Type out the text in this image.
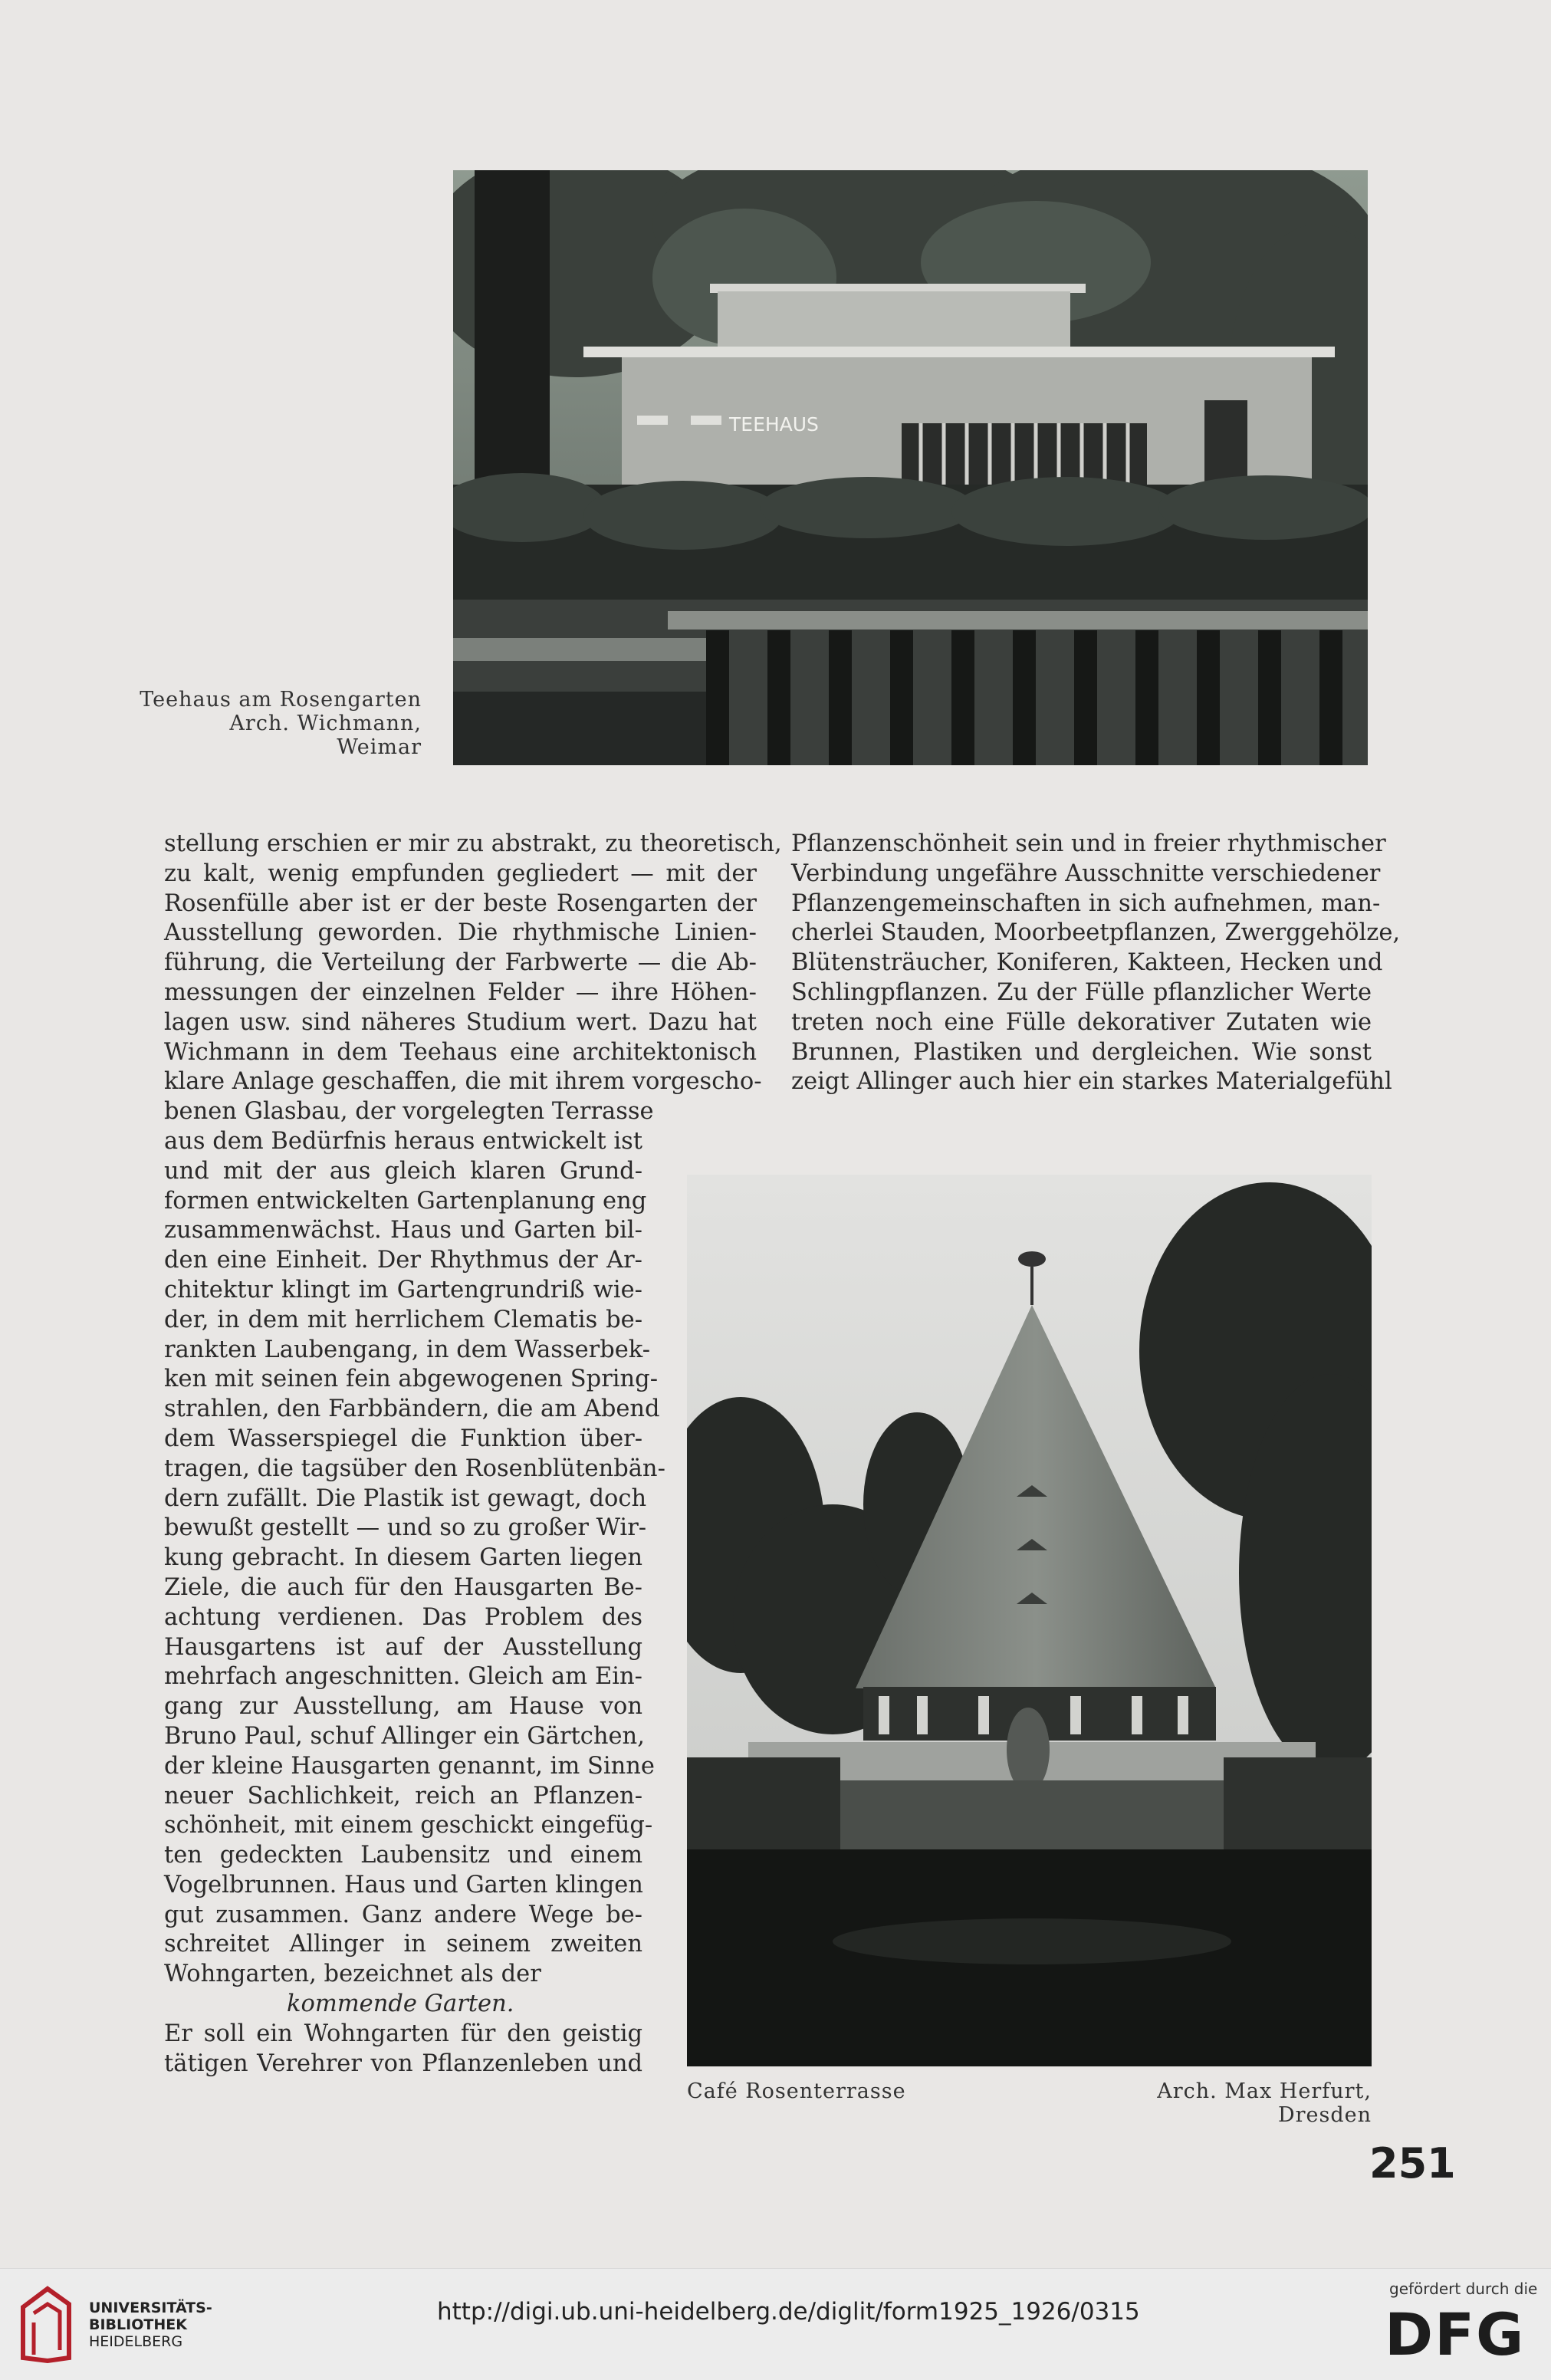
TEEHAUS
Teehaus am Rosengarten
Arch. Wichmann,
Weimar
stellung erschien er mir zu abstrakt, zu theoretisch,
zu kalt, wenig empfunden gegliedert — mit der
Rosenfülle aber ist er der beste Rosengarten der
Ausstellung geworden. Die rhythmische Linien-
führung, die Verteilung der Farbwerte — die Ab-
messungen der einzelnen Felder — ihre Höhen-
lagen usw. sind näheres Studium wert. Dazu hat
Wichmann in dem Teehaus eine architektonisch
klare Anlage geschaffen, die mit ihrem vorgescho-
benen Glasbau, der vorgelegten Terrasse
aus dem Bedürfnis heraus entwickelt ist
und mit der aus gleich klaren Grund-
formen entwickelten Gartenplanung eng
zusammenwächst. Haus und Garten bil-
den eine Einheit. Der Rhythmus der Ar-
chitektur klingt im Gartengrundriß wie-
der, in dem mit herrlichem Clematis be-
rankten Laubengang, in dem Wasserbek-
ken mit seinen fein abgewogenen Spring-
strahlen, den Farbbändern, die am Abend
dem Wasserspiegel die Funktion über-
tragen, die tagsüber den Rosenblütenbän-
dern zufällt. Die Plastik ist gewagt, doch
bewußt gestellt — und so zu großer Wir-
kung gebracht. In diesem Garten liegen
Ziele, die auch für den Hausgarten Be-
achtung verdienen. Das Problem des
Hausgartens ist auf der Ausstellung
mehrfach angeschnitten. Gleich am Ein-
gang zur Ausstellung, am Hause von
Bruno Paul, schuf Allinger ein Gärtchen,
der kleine Hausgarten genannt, im Sinne
neuer Sachlichkeit, reich an Pflanzen-
schönheit, mit einem geschickt eingefüg-
ten gedeckten Laubensitz und einem
Vogelbrunnen. Haus und Garten klingen
gut zusammen. Ganz andere Wege be-
schreitet Allinger in seinem zweiten
Wohngarten, bezeichnet als der
kommende Garten.
Er soll ein Wohngarten für den geistig
tätigen Verehrer von Pflanzenleben und
Pflanzenschönheit sein und in freier rhythmischer
Verbindung ungefähre Ausschnitte verschiedener
Pflanzengemeinschaften in sich aufnehmen, man-
cherlei Stauden, Moorbeetpflanzen, Zwerggehölze,
Blütensträucher, Koniferen, Kakteen, Hecken und
Schlingpflanzen. Zu der Fülle pflanzlicher Werte
treten noch eine Fülle dekorativer Zutaten wie
Brunnen, Plastiken und dergleichen. Wie sonst
zeigt Allinger auch hier ein starkes Materialgefühl
Café Rosenterrasse	Arch. Max Herfurt, Dresden
251
UNIVERSITÄTS-
BIBLIOTHEK
HEIDELBERG
http://digi.ub.uni-heidelberg.de/diglit/form1925_1926/0315
gefördert durch die
DFG
